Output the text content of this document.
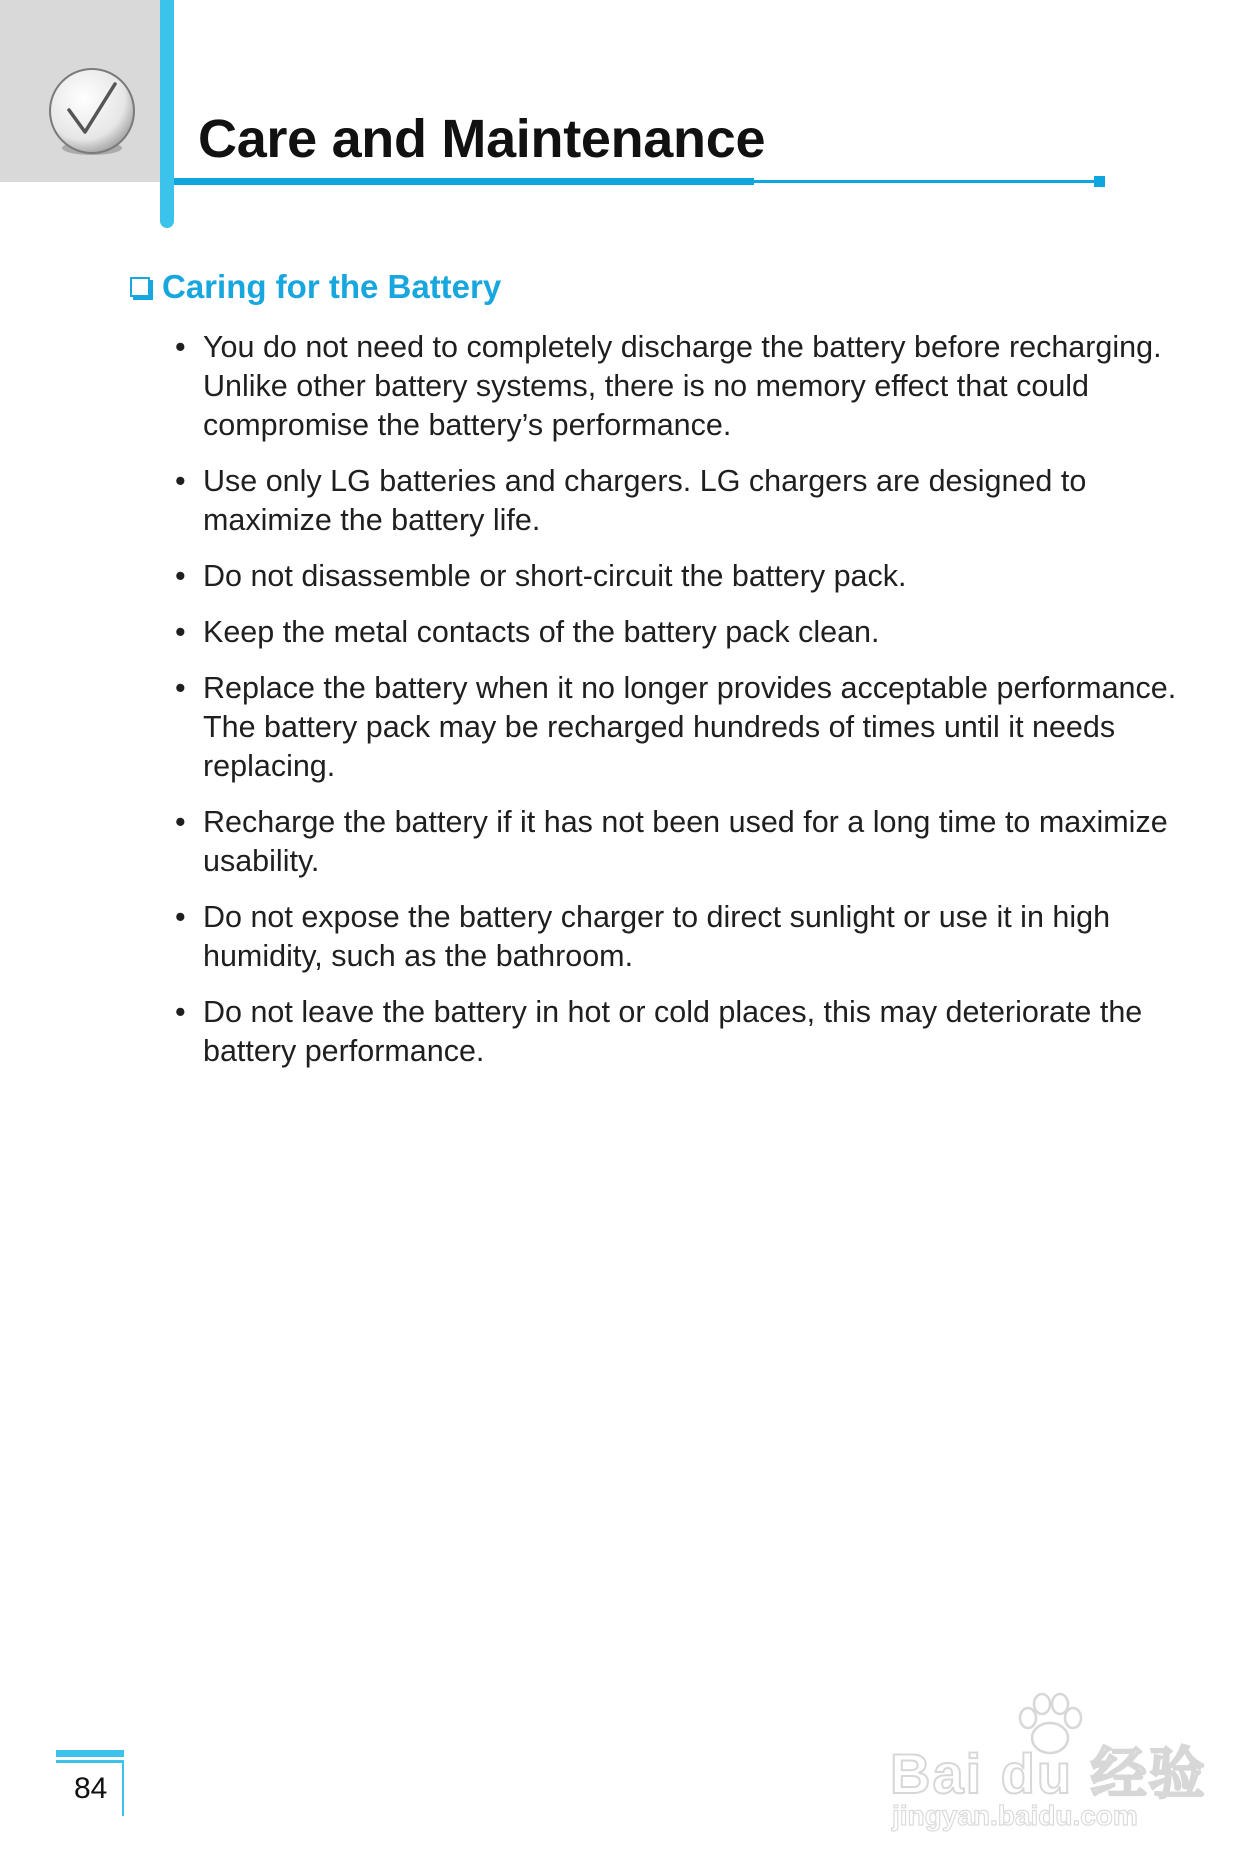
Care and Maintenance
Caring for the Battery
• You do not need to completely discharge the battery before recharging. Unlike other battery systems, there is no memory effect that could compromise the battery’s performance.
• Use only LG batteries and chargers. LG chargers are designed to maximize the battery life.
• Do not disassemble or short-circuit the battery pack.
• Keep the metal contacts of the battery pack clean.
• Replace the battery when it no longer provides acceptable performance. The battery pack may be recharged hundreds of times until it needs replacing.
• Recharge the battery if it has not been used for a long time to maximize usability.
• Do not expose the battery charger to direct sunlight or use it in high humidity, such as the bathroom.
• Do not leave the battery in hot or cold places, this may deteriorate the battery performance.
84	Bai du 经验
jingyan.baidu.com
